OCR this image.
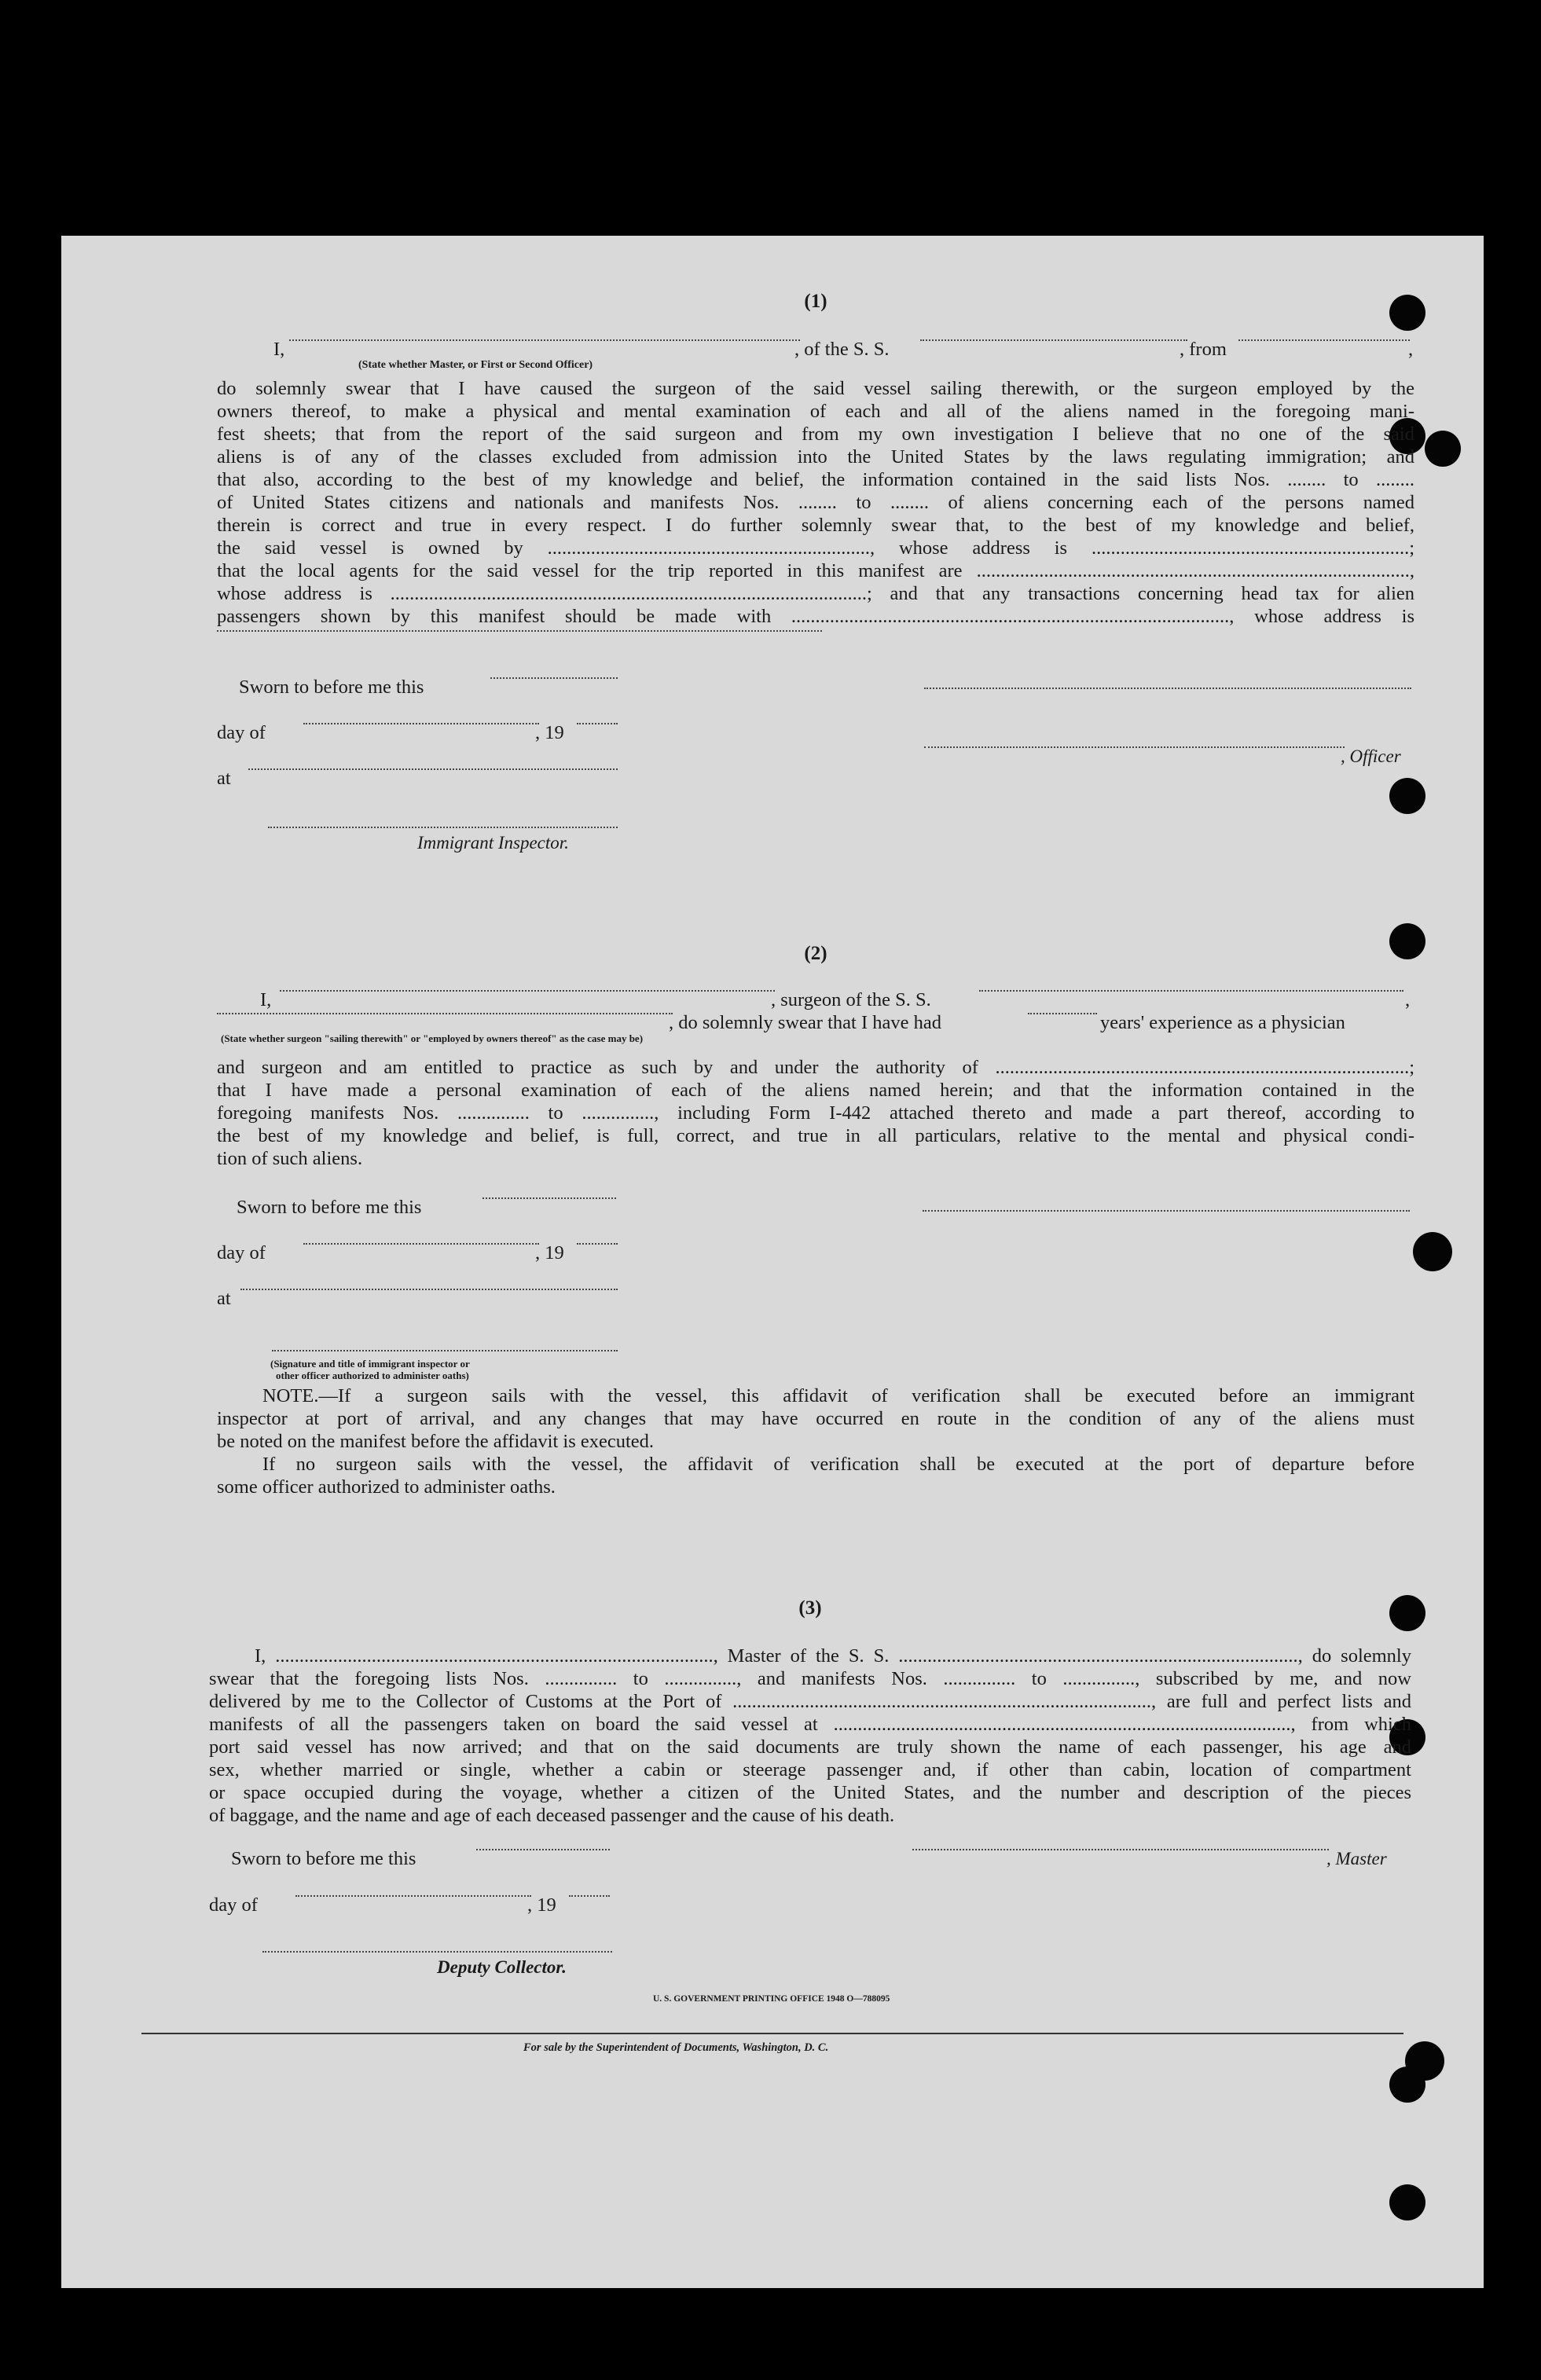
(1)
I,	, of the S. S.	, from	,
(State whether Master, or First or Second Officer)
do solemnly swear that I have caused the surgeon of the said vessel sailing therewith, or the surgeon employed by the
owners thereof, to make a physical and mental examination of each and all of the aliens named in the foregoing mani-
fest sheets; that from the report of the said surgeon and from my own investigation I believe that no one of the said
aliens is of any of the classes excluded from admission into the United States by the laws regulating immigration; and
that also, according to the best of my knowledge and belief, the information contained in the said lists Nos. ........ to ........
of United States citizens and nationals and manifests Nos. ........ to ........ of aliens concerning each of the persons named
therein is correct and true in every respect. I do further solemnly swear that, to the best of my knowledge and belief,
the said vessel is owned by ..................................................................., whose address is ..................................................................;
that the local agents for the said vessel for the trip reported in this manifest are ..........................................................................................,
whose address is ...................................................................................................; and that any transactions concerning head tax for alien
passengers shown by this manifest should be made with ..........................................................................................., whose address is
Sworn to before me this
day of	, 19
, Officer
at
Immigrant Inspector.
(2)
I,	, surgeon of the S. S.	,
, do solemnly swear that I have had	years' experience as a physician
(State whether surgeon "sailing therewith" or "employed by owners thereof" as the case may be)
and surgeon and am entitled to practice as such by and under the authority of ......................................................................................;
that I have made a personal examination of each of the aliens named herein; and that the information contained in the
foregoing manifests Nos. ............... to ..............., including Form I-442 attached thereto and made a part thereof, according to
the best of my knowledge and belief, is full, correct, and true in all particulars, relative to the mental and physical condi-
tion of such aliens.
Sworn to before me this
day of	, 19
at
(Signature and title of immigrant inspector or
other officer authorized to administer oaths)
NOTE.—If a surgeon sails with the vessel, this affidavit of verification shall be executed before an immigrant
inspector at port of arrival, and any changes that may have occurred en route in the condition of any of the aliens must
be noted on the manifest before the affidavit is executed.
If no surgeon sails with the vessel, the affidavit of verification shall be executed at the port of departure before
some officer authorized to administer oaths.
(3)
I, ..........................................................................................., Master of the S. S. ..................................................................................., do solemnly
swear that the foregoing lists Nos. ............... to ..............., and manifests Nos. ............... to ..............., subscribed by me, and now
delivered by me to the Collector of Customs at the Port of ......................................................................................., are full and perfect lists and
manifests of all the passengers taken on board the said vessel at ..............................................................................................., from which
port said vessel has now arrived; and that on the said documents are truly shown the name of each passenger, his age and
sex, whether married or single, whether a cabin or steerage passenger and, if other than cabin, location of compartment
or space occupied during the voyage, whether a citizen of the United States, and the number and description of the pieces
of baggage, and the name and age of each deceased passenger and the cause of his death.
Sworn to before me this	, Master
day of	, 19
Deputy Collector.
U. S. GOVERNMENT PRINTING OFFICE 1948 O—788095
For sale by the Superintendent of Documents, Washington, D. C.
